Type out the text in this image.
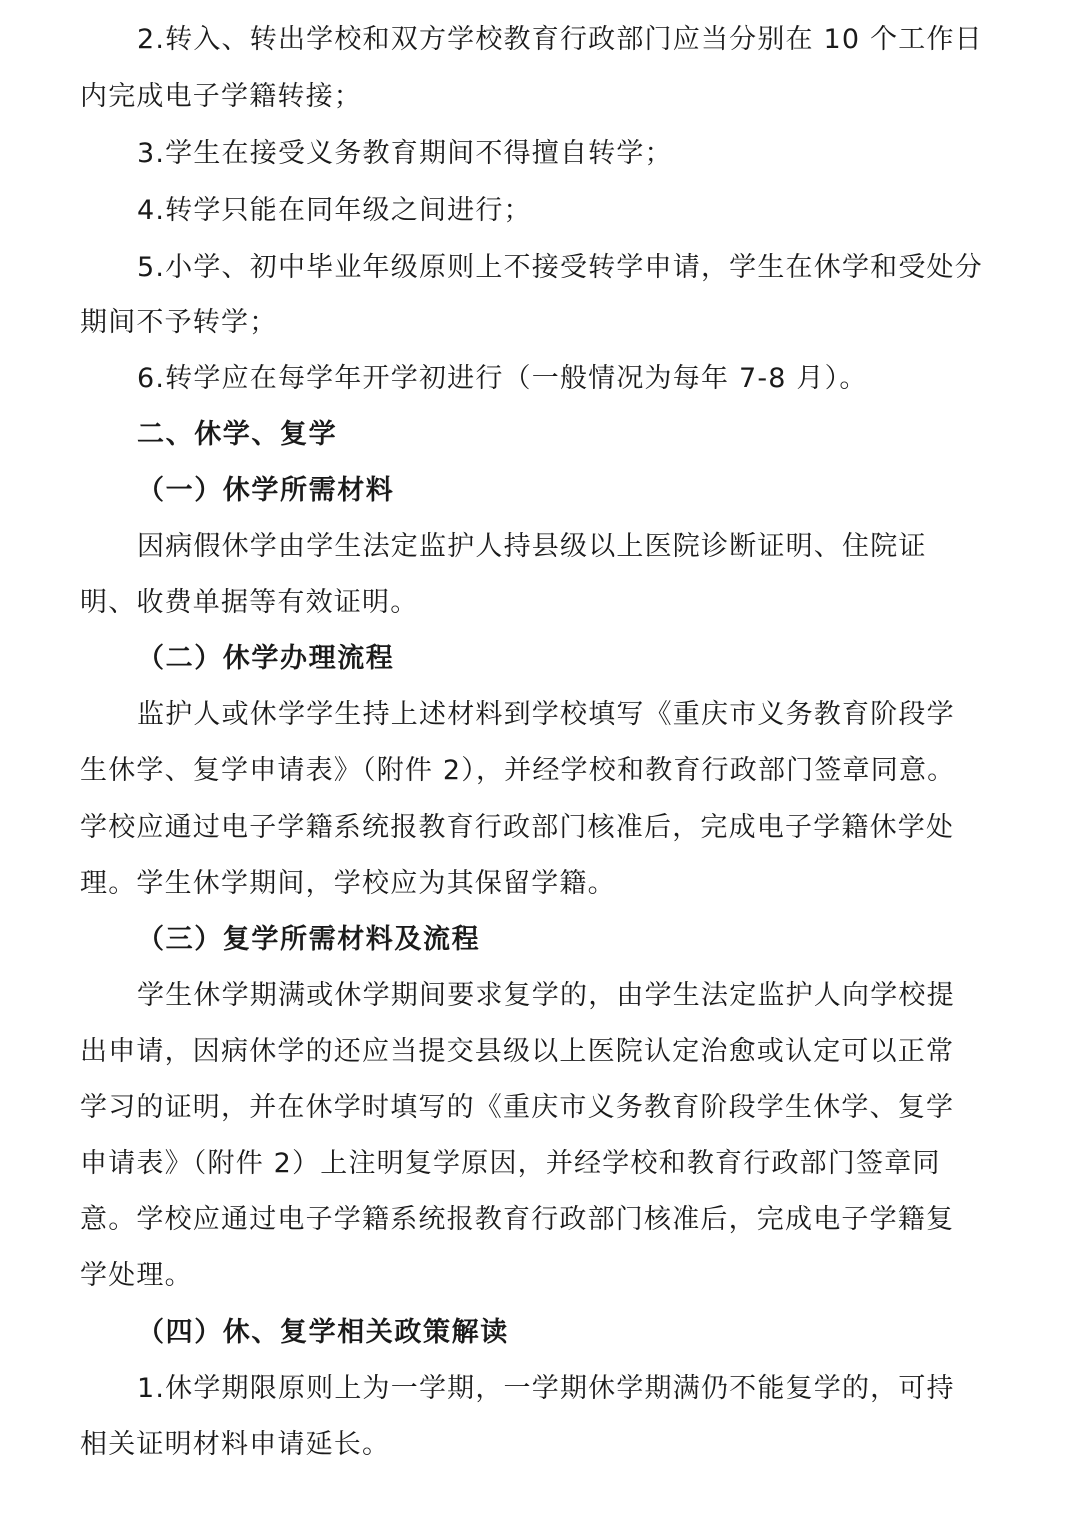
2.转入、转出学校和双方学校教育行政部门应当分别在 10 个工作日

内完成电子学籍转接；

3.学生在接受义务教育期间不得擅自转学；

4.转学只能在同年级之间进行；

5.小学、初中毕业年级原则上不接受转学申请，学生在休学和受处分

期间不予转学；

6.转学应在每学年开学初进行（一般情况为每年 7-8 月）。

二、休学、复学

（一）休学所需材料

因病假休学由学生法定监护人持县级以上医院诊断证明、住院证

明、收费单据等有效证明。

（二）休学办理流程

监护人或休学学生持上述材料到学校填写《重庆市义务教育阶段学

生休学、复学申请表》（附件 2），并经学校和教育行政部门签章同意。

学校应通过电子学籍系统报教育行政部门核准后，完成电子学籍休学处

理。学生休学期间，学校应为其保留学籍。

（三）复学所需材料及流程

学生休学期满或休学期间要求复学的，由学生法定监护人向学校提

出申请，因病休学的还应当提交县级以上医院认定治愈或认定可以正常

学习的证明，并在休学时填写的《重庆市义务教育阶段学生休学、复学

申请表》（附件 2）上注明复学原因，并经学校和教育行政部门签章同

意。学校应通过电子学籍系统报教育行政部门核准后，完成电子学籍复

学处理。

（四）休、复学相关政策解读

1.休学期限原则上为一学期，一学期休学期满仍不能复学的，可持

相关证明材料申请延长。
